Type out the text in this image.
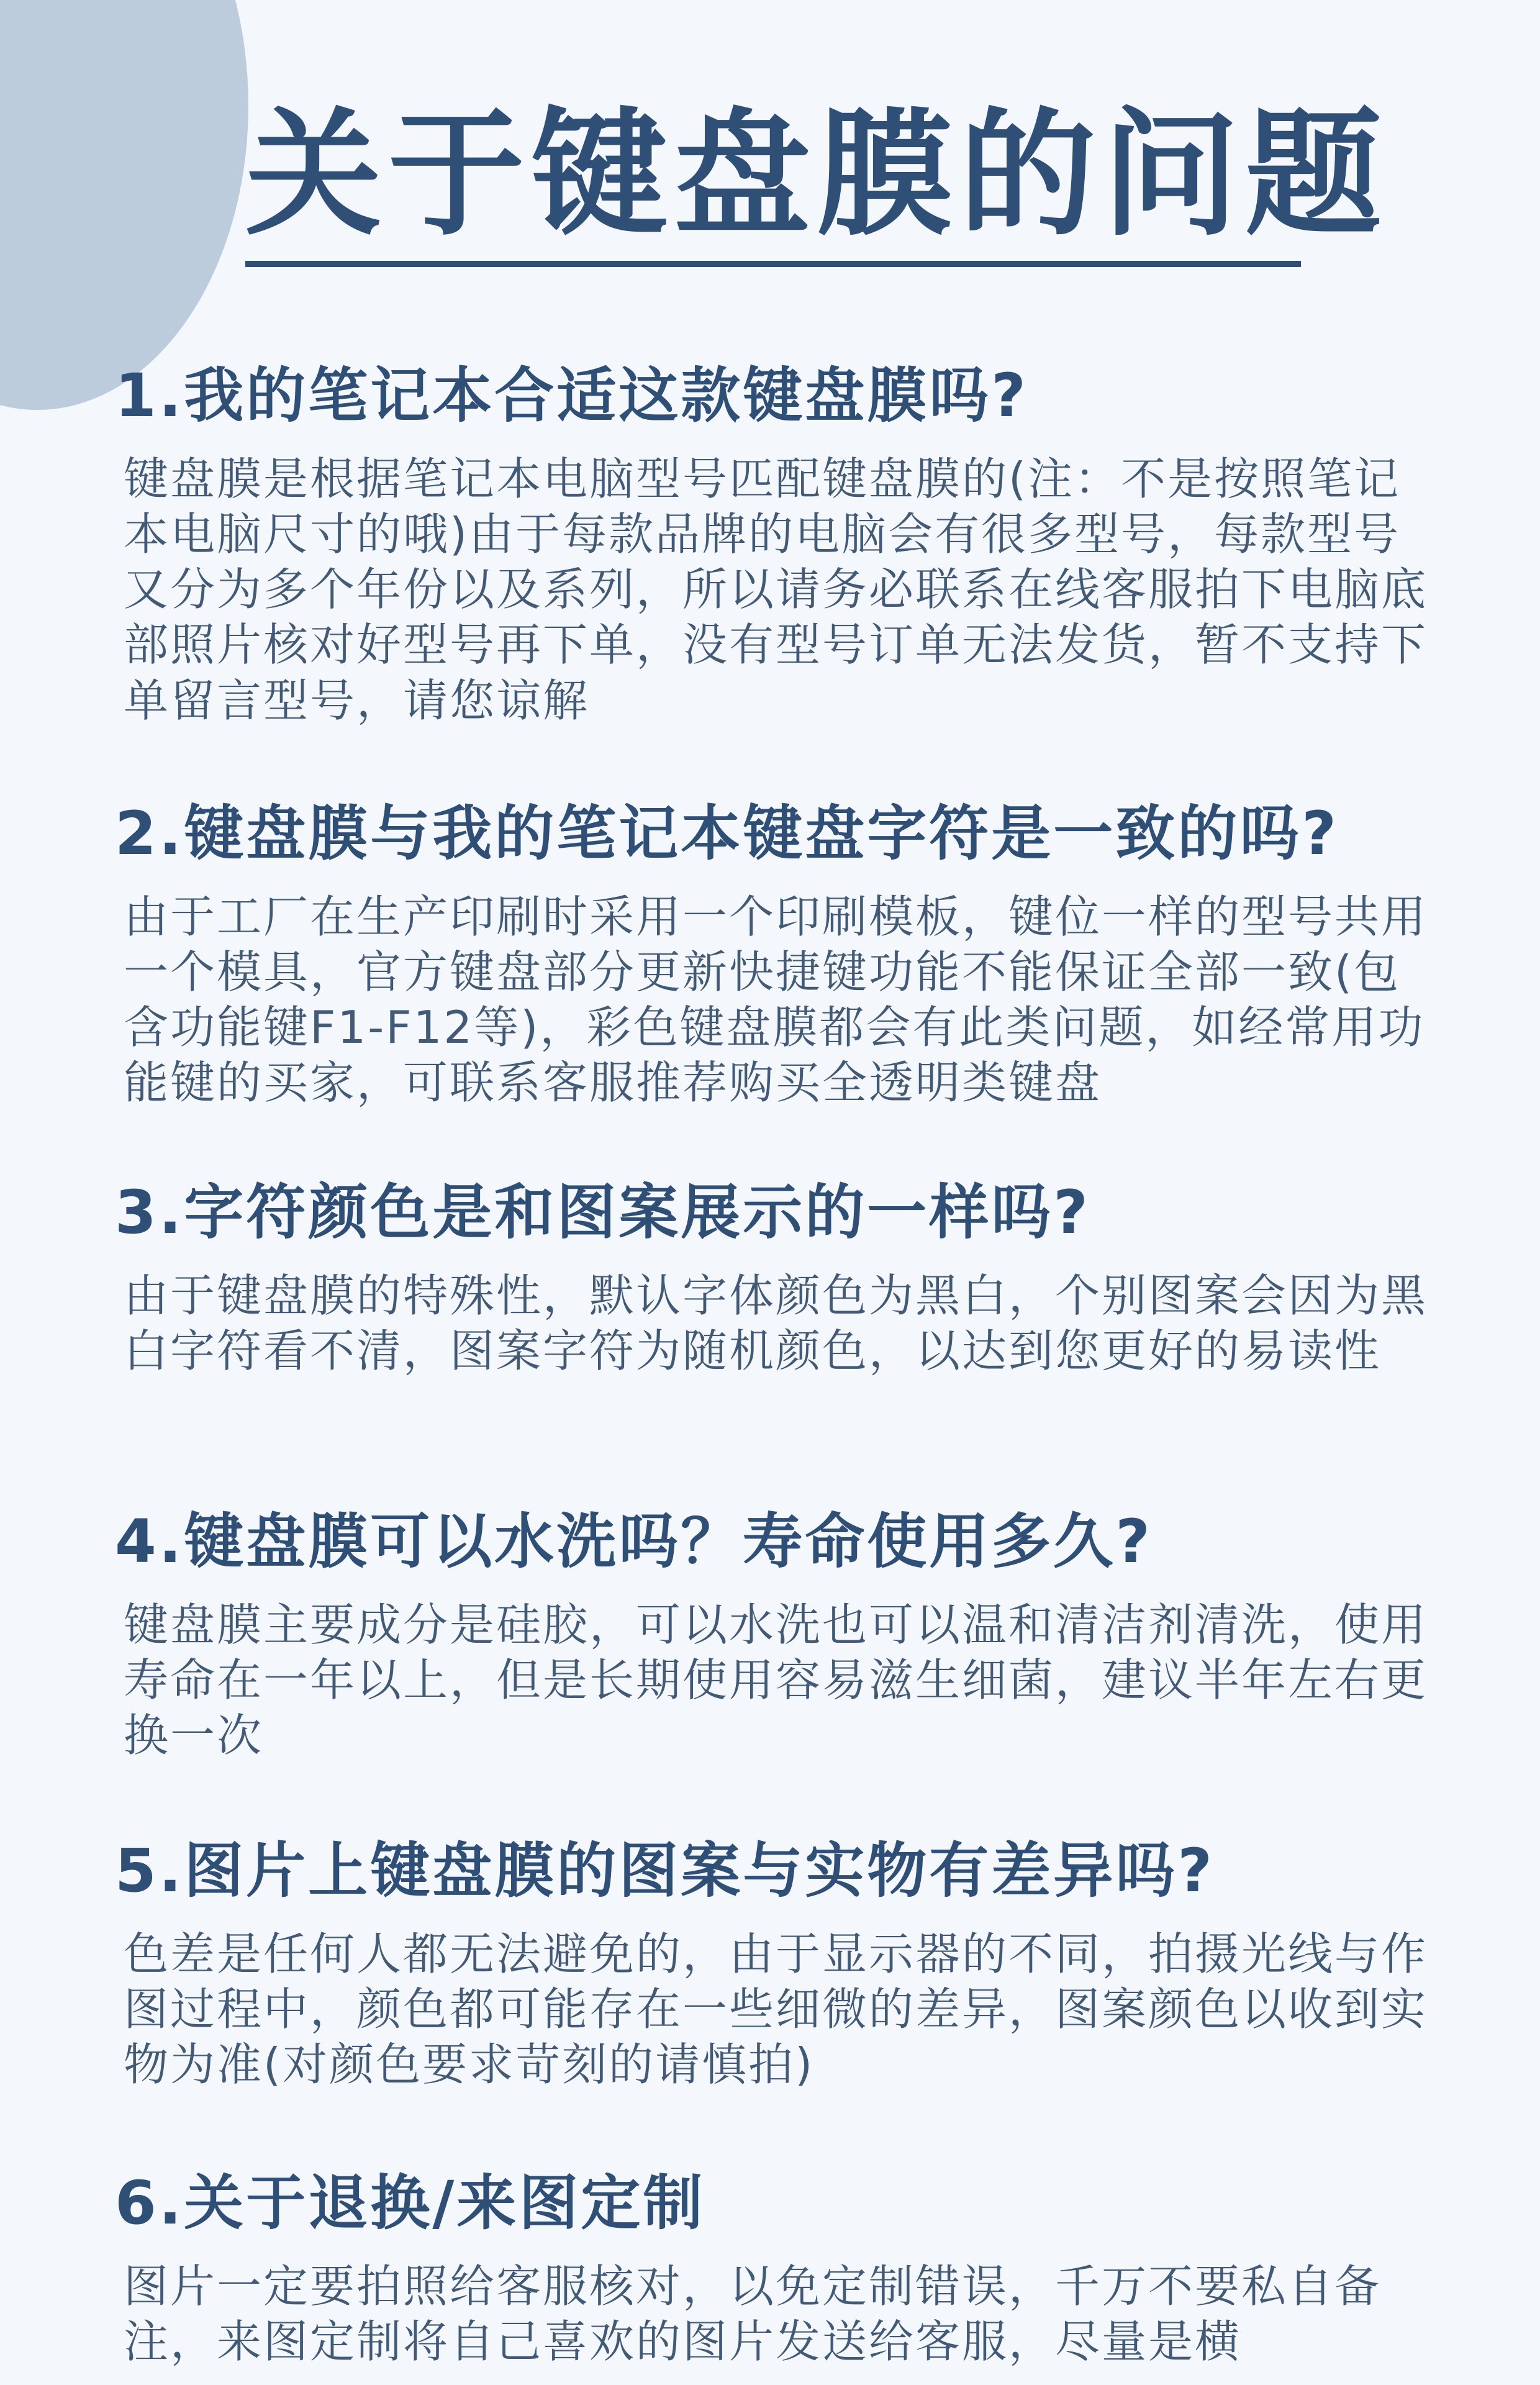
关于键盘膜的问题
1.我的笔记本合适这款键盘膜吗?

键盘膜是根据笔记本电脑型号匹配键盘膜的(注：不是按照笔记本电脑尺寸的哦)由于每款品牌的电脑会有很多型号，每款型号又分为多个年份以及系列，所以请务必联系在线客服拍下电脑底部照片核对好型号再下单，没有型号订单无法发货，暂不支持下单留言型号，请您谅解

2.键盘膜与我的笔记本键盘字符是一致的吗?

由于工厂在生产印刷时采用一个印刷模板，键位一样的型号共用一个模具，官方键盘部分更新快捷键功能不能保证全部一致(包含功能键F1-F12等)，彩色键盘膜都会有此类问题，如经常用功能键的买家，可联系客服推荐购买全透明类键盘

3.字符颜色是和图案展示的一样吗?

由于键盘膜的特殊性，默认字体颜色为黑白，个别图案会因为黑白字符看不清，图案字符为随机颜色，以达到您更好的易读性

4.键盘膜可以水洗吗？寿命使用多久?

键盘膜主要成分是硅胶，可以水洗也可以温和清洁剂清洗，使用寿命在一年以上，但是长期使用容易滋生细菌，建议半年左右更换一次

5.图片上键盘膜的图案与实物有差异吗?

色差是任何人都无法避免的，由于显示器的不同，拍摄光线与作图过程中，颜色都可能存在一些细微的差异，图案颜色以收到实物为准(对颜色要求苛刻的请慎拍)

6.关于退换/来图定制

图片一定要拍照给客服核对，以免定制错误，千万不要私自备注，来图定制将自己喜欢的图片发送给客服，尽量是横
